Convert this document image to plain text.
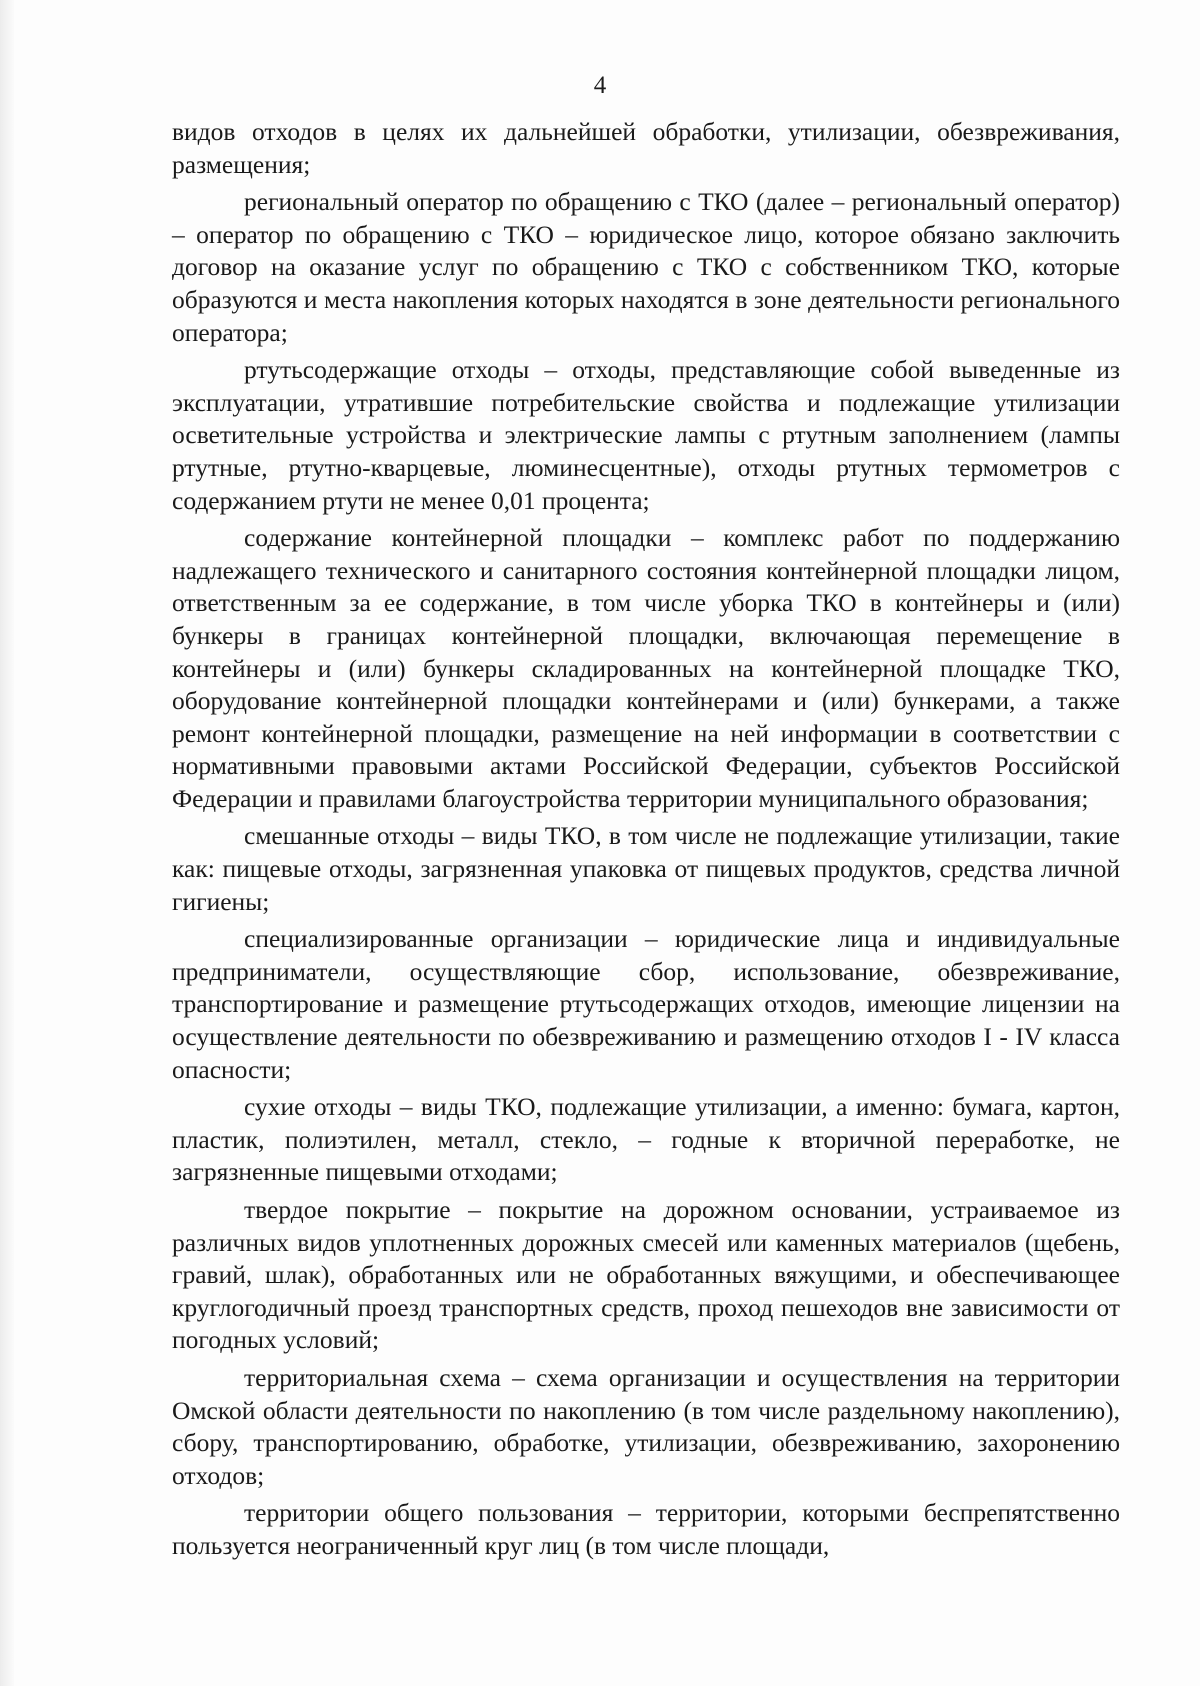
4

видов отходов в целях их дальнейшей обработки, утилизации, обезвреживания, размещения;

региональный оператор по обращению с ТКО (далее – региональный оператор) – оператор по обращению с ТКО – юридическое лицо, которое обязано заключить договор на оказание услуг по обращению с ТКО с собственником ТКО, которые образуются и места накопления которых находятся в зоне деятельности регионального оператора;

ртутьсодержащие отходы – отходы, представляющие собой выведенные из эксплуатации, утратившие потребительские свойства и подлежащие утилизации осветительные устройства и электрические лампы с ртутным заполнением (лампы ртутные, ртутно-кварцевые, люминесцентные), отходы ртутных термометров с содержанием ртути не менее 0,01 процента;

содержание контейнерной площадки – комплекс работ по поддержанию надлежащего технического и санитарного состояния контейнерной площадки лицом, ответственным за ее содержание, в том числе уборка ТКО в контейнеры и (или) бункеры в границах контейнерной площадки, включающая перемещение в контейнеры и (или) бункеры складированных на контейнерной площадке ТКО, оборудование контейнерной площадки контейнерами и (или) бункерами, а также ремонт контейнерной площадки, размещение на ней информации в соответствии с нормативными правовыми актами Российской Федерации, субъектов Российской Федерации и правилами благоустройства территории муниципального образования;

смешанные отходы – виды ТКО, в том числе не подлежащие утилизации, такие как: пищевые отходы, загрязненная упаковка от пищевых продуктов, средства личной гигиены;

специализированные организации – юридические лица и индивидуальные предприниматели, осуществляющие сбор, использование, обезвреживание, транспортирование и размещение ртутьсодержащих отходов, имеющие лицензии на осуществление деятельности по обезвреживанию и размещению отходов I - IV класса опасности;

сухие отходы – виды ТКО, подлежащие утилизации, а именно: бумага, картон, пластик, полиэтилен, металл, стекло, – годные к вторичной переработке, не загрязненные пищевыми отходами;

твердое покрытие – покрытие на дорожном основании, устраиваемое из различных видов уплотненных дорожных смесей или каменных материалов (щебень, гравий, шлак), обработанных или не обработанных вяжущими, и обеспечивающее круглогодичный проезд транспортных средств, проход пешеходов вне зависимости от погодных условий;

территориальная схема – схема организации и осуществления на территории Омской области деятельности по накоплению (в том числе раздельному накоплению), сбору, транспортированию, обработке, утилизации, обезвреживанию, захоронению отходов;

территории общего пользования – территории, которыми беспрепятственно пользуется неограниченный круг лиц (в том числе площади,
